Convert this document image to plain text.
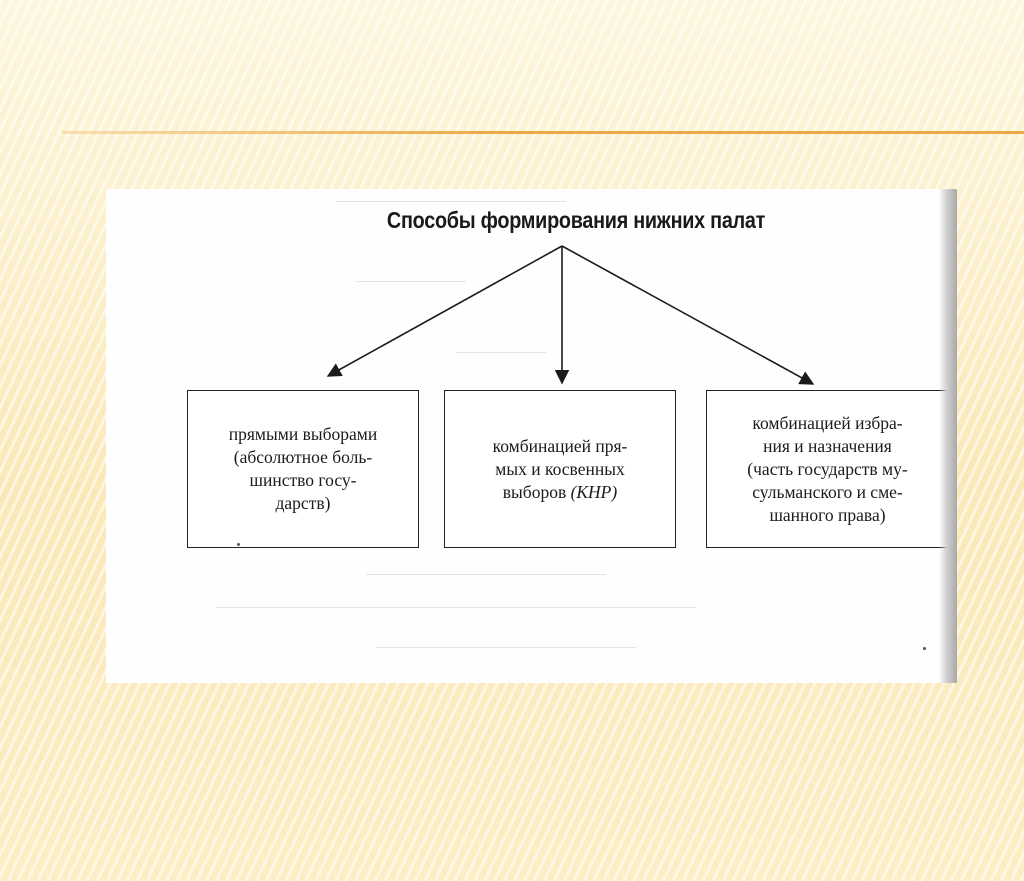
Способы формирования нижних палат
прямыми выборами
(абсолютное боль-
шинство госу-
дарств)
комбинацией пря-
мых и косвенных
выборов (КНР)
комбинацией избра-
ния и назначения
(часть государств му-
сульманского и сме-
шанного права)
